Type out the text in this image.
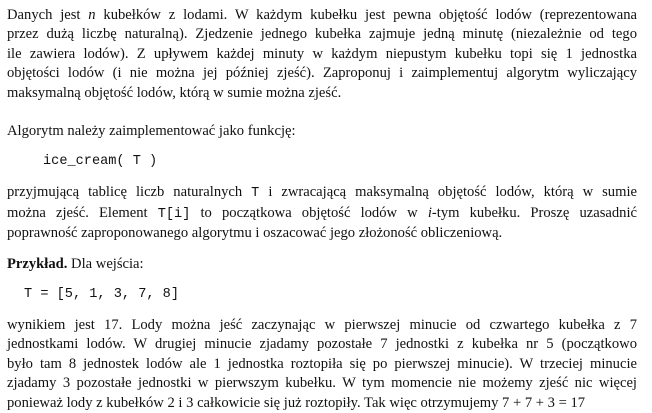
Danych jest n kubełków z lodami. W każdym kubełku jest pewna objętość lodów (reprezentowana
przez dużą liczbę naturalną). Zjedzenie jednego kubełka zajmuje jedną minutę (niezależnie od tego
ile zawiera lodów). Z upływem każdej minuty w każdym niepustym kubełku topi się 1 jednostka
objętości lodów (i nie można jej później zjeść). Zaproponuj i zaimplementuj algorytm wyliczający
maksymalną objętość lodów, którą w sumie można zjeść.

Algorytm należy zaimplementować jako funkcję:

ice_cream( T )

przyjmującą tablicę liczb naturalnych T i zwracającą maksymalną objętość lodów, którą w sumie
można zjeść. Element T[i] to początkowa objętość lodów w i-tym kubełku. Proszę uzasadnić
poprawność zaproponowanego algorytmu i oszacować jego złożoność obliczeniową.

Przykład. Dla wejścia:

T = [5, 1, 3, 7, 8]

wynikiem jest 17. Lody można jeść zaczynając w pierwszej minucie od czwartego kubełka z 7
jednostkami lodów. W drugiej minucie zjadamy pozostałe 7 jednostki z kubełka nr 5 (początkowo
było tam 8 jednostek lodów ale 1 jednostka roztopiła się po pierwszej minucie). W trzeciej minucie
zjadamy 3 pozostałe jednostki w pierwszym kubełku. W tym momencie nie możemy zjeść nic więcej
ponieważ lody z kubełków 2 i 3 całkowicie się już roztopiły. Tak więc otrzymujemy 7 + 7 + 3 = 17
